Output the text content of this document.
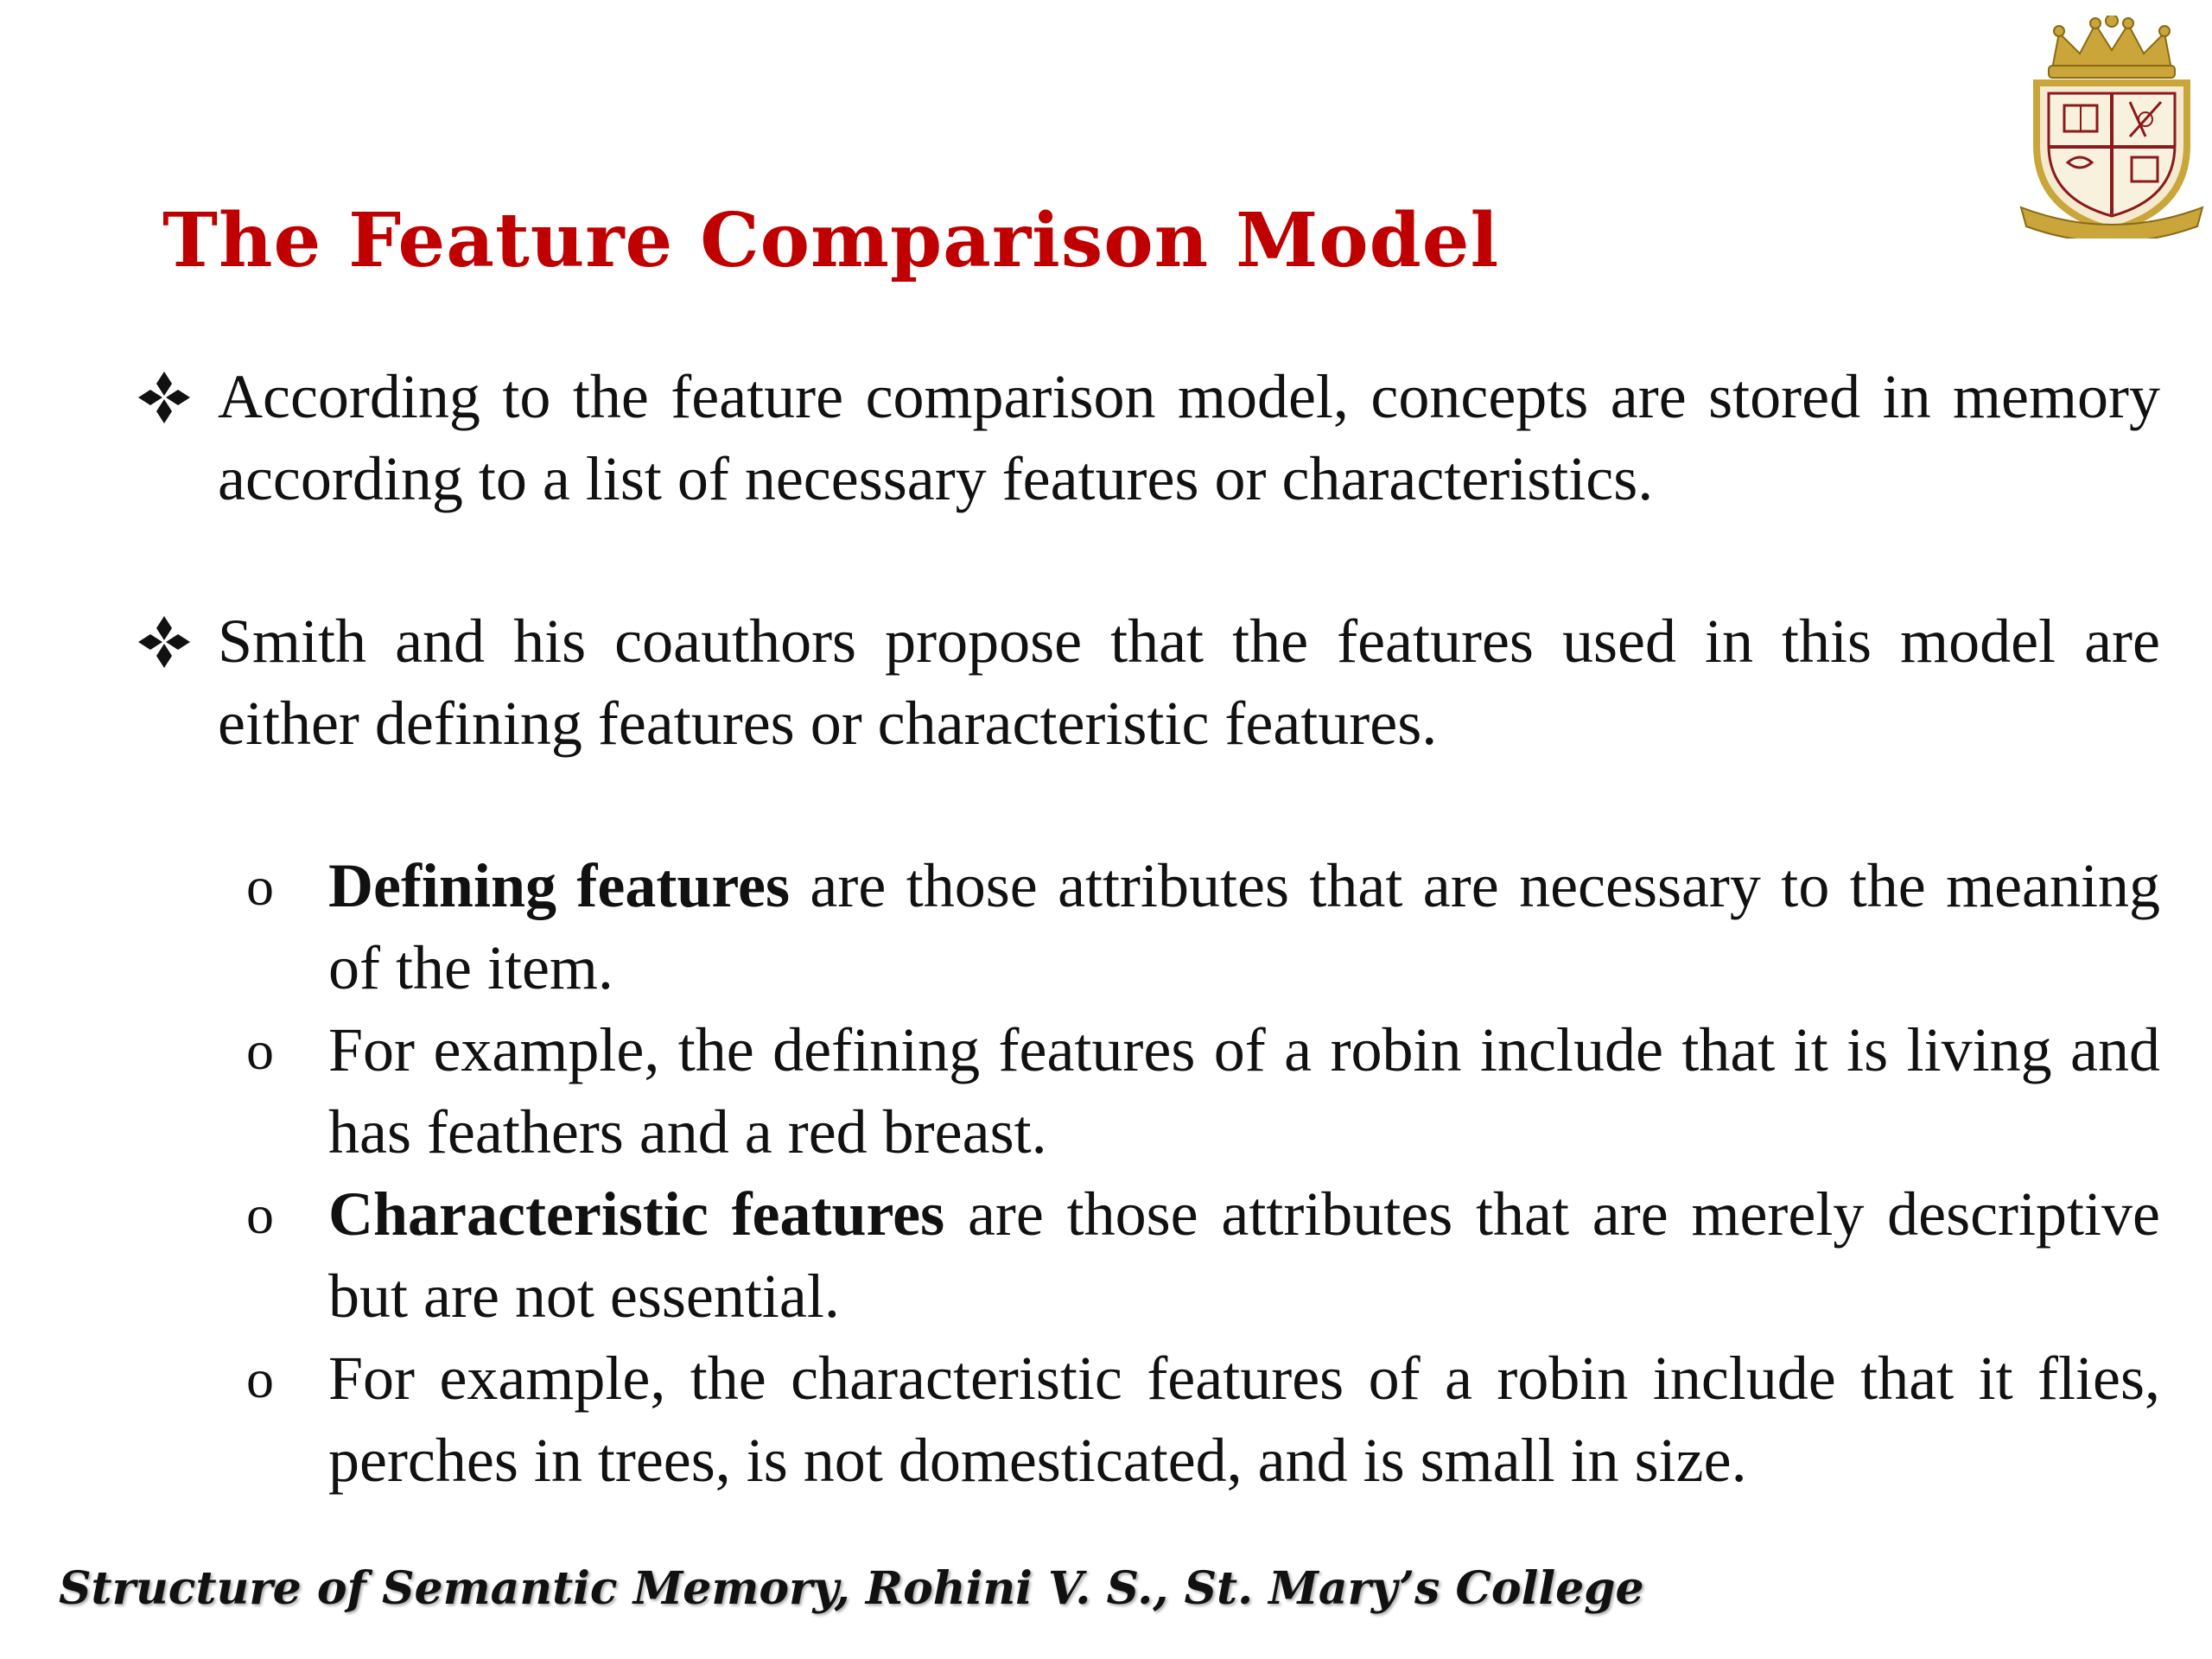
The Feature Comparison Model
According to the feature comparison model, concepts are stored in memory according to a list of necessary features or characteristics.
Smith and his coauthors propose that the features used in this model are either defining features or characteristic features.
o Defining features are those attributes that are necessary to the meaning of the item.
o For example, the defining features of a robin include that it is living and has feathers and a red breast.
o Characteristic features are those attributes that are merely descriptive but are not essential.
o For example, the characteristic features of a robin include that it flies, perches in trees, is not domesticated, and is small in size.
Structure of Semantic Memory, Rohini V. S., St. Mary’s College
